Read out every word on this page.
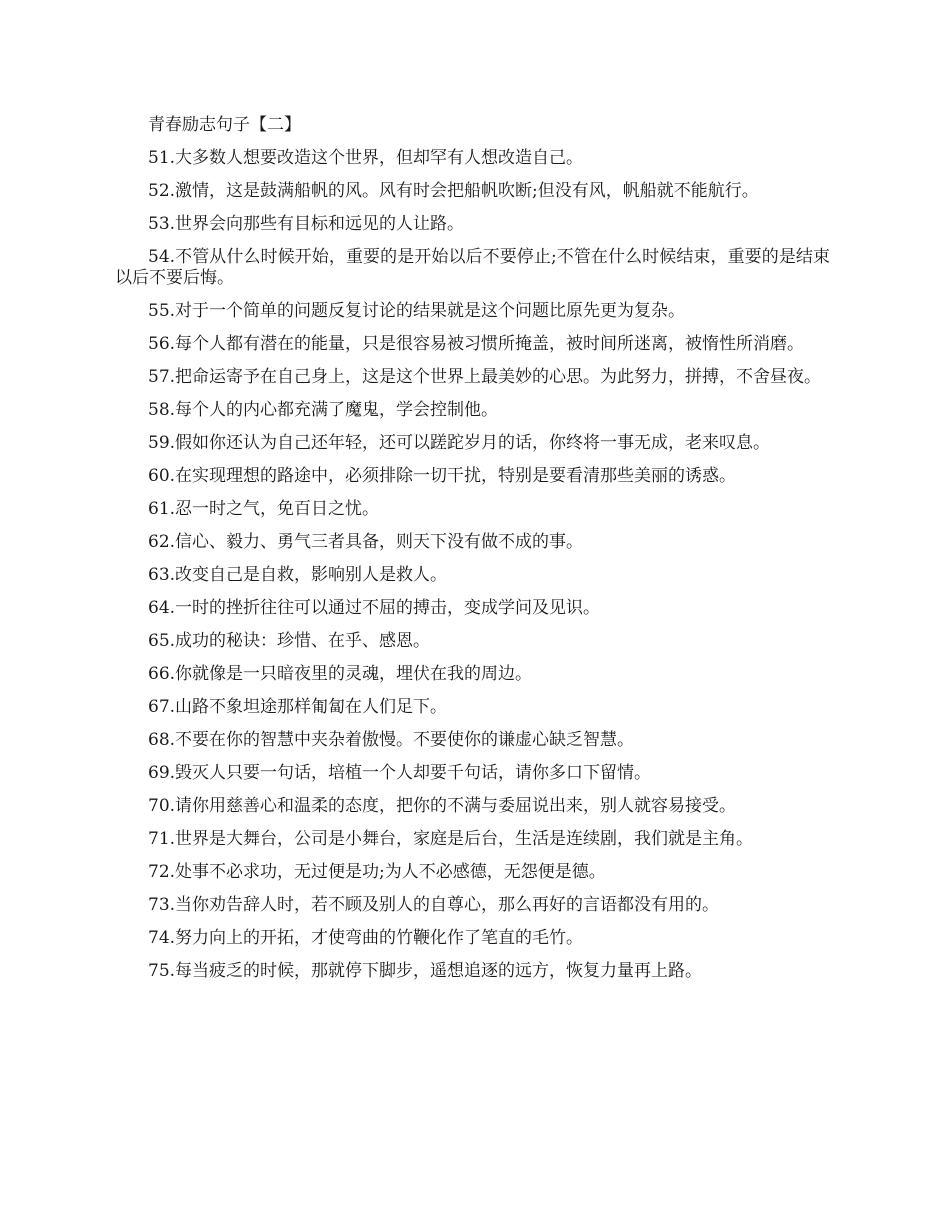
青春励志句子【二】
51.大多数人想要改造这个世界，但却罕有人想改造自己。
52.激情，这是鼓满船帆的风。风有时会把船帆吹断;但没有风，帆船就不能航行。
53.世界会向那些有目标和远见的人让路。
54.不管从什么时候开始，重要的是开始以后不要停止;不管在什么时候结束，重要的是结束以后不要后悔。
55.对于一个简单的问题反复讨论的结果就是这个问题比原先更为复杂。
56.每个人都有潜在的能量，只是很容易被习惯所掩盖，被时间所迷离，被惰性所消磨。
57.把命运寄予在自己身上，这是这个世界上最美妙的心思。为此努力，拼搏，不舍昼夜。
58.每个人的内心都充满了魔鬼，学会控制他。
59.假如你还认为自己还年轻，还可以蹉跎岁月的话，你终将一事无成，老来叹息。
60.在实现理想的路途中，必须排除一切干扰，特别是要看清那些美丽的诱惑。
61.忍一时之气，免百日之忧。
62.信心、毅力、勇气三者具备，则天下没有做不成的事。
63.改变自己是自救，影响别人是救人。
64.一时的挫折往往可以通过不屈的搏击，变成学问及见识。
65.成功的秘诀：珍惜、在乎、感恩。
66.你就像是一只暗夜里的灵魂，埋伏在我的周边。
67.山路不象坦途那样匍匐在人们足下。
68.不要在你的智慧中夹杂着傲慢。不要使你的谦虚心缺乏智慧。
69.毁灭人只要一句话，培植一个人却要千句话，请你多口下留情。
70.请你用慈善心和温柔的态度，把你的不满与委屈说出来，别人就容易接受。
71.世界是大舞台，公司是小舞台，家庭是后台，生活是连续剧，我们就是主角。
72.处事不必求功，无过便是功;为人不必感德，无怨便是德。
73.当你劝告辞人时，若不顾及别人的自尊心，那么再好的言语都没有用的。
74.努力向上的开拓，才使弯曲的竹鞭化作了笔直的毛竹。
75.每当疲乏的时候，那就停下脚步，遥想追逐的远方，恢复力量再上路。
